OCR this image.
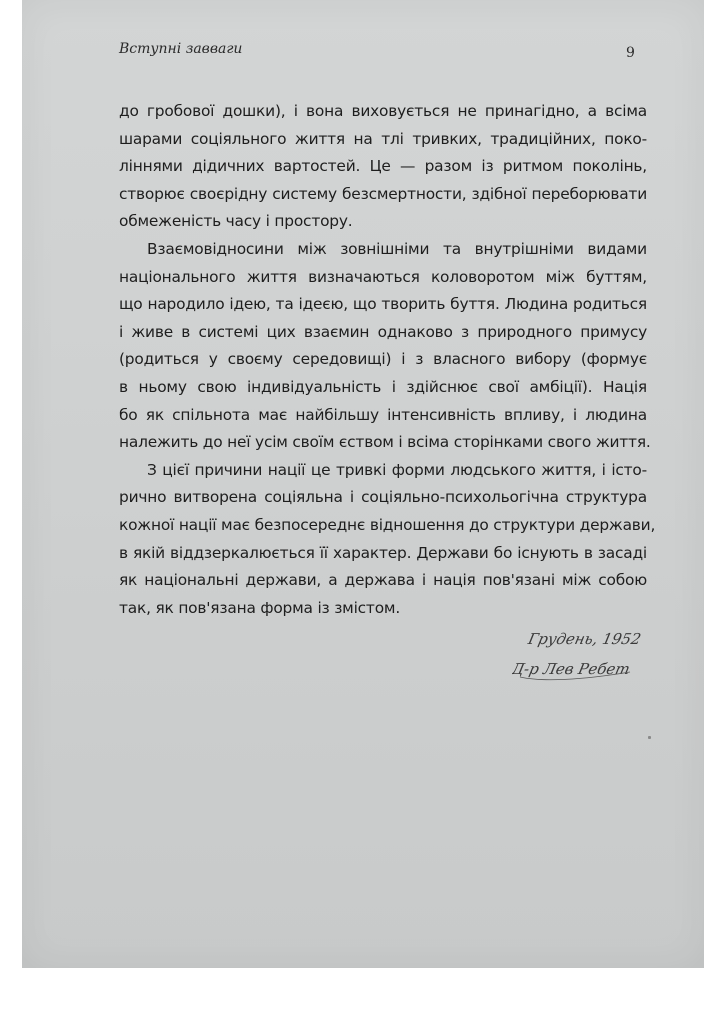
Вступні завваги	9
до гробової дошки), і вона виховується не принагідно, а всіма
шарами соціяльного життя на тлі тривких, традиційних, поко-
ліннями дідичних вартостей. Це — разом із ритмом поколінь,
створює своєрідну систему безсмертности, здібної переборювати
обмеженість часу і простору.
Взаємовідносини між зовнішніми та внутрішніми видами
національного життя визначаються коловоротом між буттям,
що народило ідею, та ідеєю, що творить буття. Людина родиться
і живе в системі цих взаємин однаково з природного примусу
(родиться у своєму середовищі) і з власного вибору (формує
в ньому свою індивідуальність і здійснює свої амбіції). Нація
бо як спільнота має найбільшу інтенсивність впливу, і людина
належить до неї усім своїм єством і всіма сторінками свого життя.
З цієї причини нації це тривкі форми людського життя, і істо-
рично витворена соціяльна і соціяльно-психольогічна структура
кожної нації має безпосереднє відношення до структури держави,
в якій віддзеркалюється її характер. Держави бо існують в засаді
як національні держави, а держава і нація пов'язані між собою
так, як пов'язана форма із змістом.
Грудень, 1952
Д-р Лев Ребет
